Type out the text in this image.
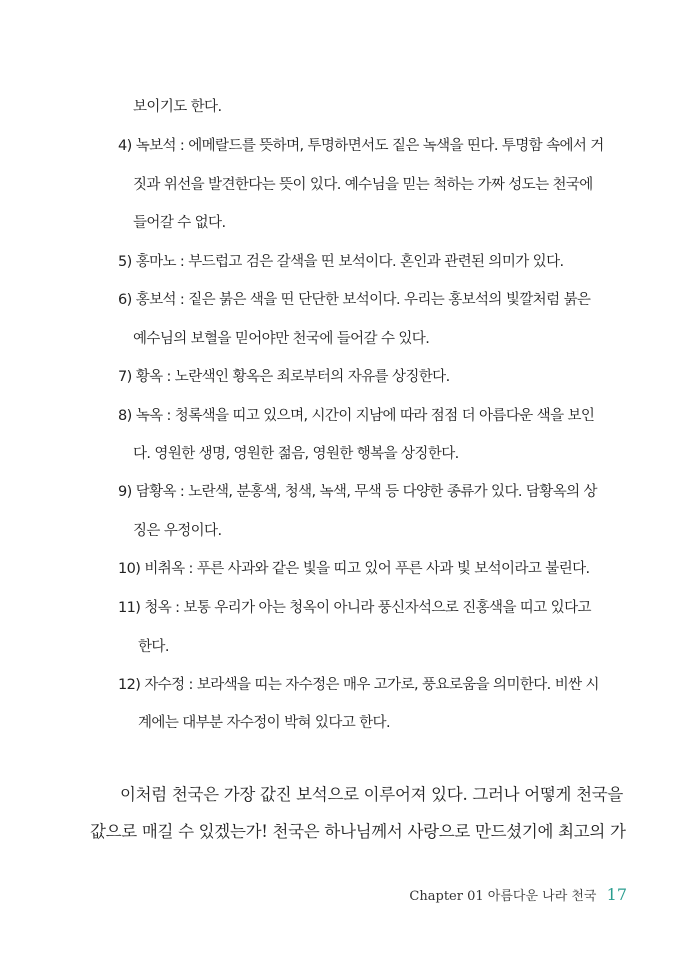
보이기도 한다.
4) 녹보석 : 에메랄드를 뜻하며, 투명하면서도 짙은 녹색을 띤다. 투명함 속에서 거
짓과 위선을 발견한다는 뜻이 있다. 예수님을 믿는 척하는 가짜 성도는 천국에
들어갈 수 없다.
5) 홍마노 : 부드럽고 검은 갈색을 띤 보석이다. 혼인과 관련된 의미가 있다.
6) 홍보석 : 짙은 붉은 색을 띤 단단한 보석이다. 우리는 홍보석의 빛깔처럼 붉은
예수님의 보혈을 믿어야만 천국에 들어갈 수 있다.
7) 황옥 : 노란색인 황옥은 죄로부터의 자유를 상징한다.
8) 녹옥 : 청록색을 띠고 있으며, 시간이 지남에 따라 점점 더 아름다운 색을 보인
다. 영원한 생명, 영원한 젊음, 영원한 행복을 상징한다.
9) 담황옥 : 노란색, 분홍색, 청색, 녹색, 무색 등 다양한 종류가 있다. 담황옥의 상
징은 우정이다.
10) 비취옥 : 푸른 사과와 같은 빛을 띠고 있어 푸른 사과 빛 보석이라고 불린다.
11) 청옥 : 보통 우리가 아는 청옥이 아니라 풍신자석으로 진홍색을 띠고 있다고
한다.
12) 자수정 : 보라색을 띠는 자수정은 매우 고가로, 풍요로움을 의미한다. 비싼 시
계에는 대부분 자수정이 박혀 있다고 한다.
이처럼 천국은 가장 값진 보석으로 이루어져 있다. 그러나 어떻게 천국을
값으로 매길 수 있겠는가! 천국은 하나님께서 사랑으로 만드셨기에 최고의 가
Chapter 01 아름다운 나라 천국 17
